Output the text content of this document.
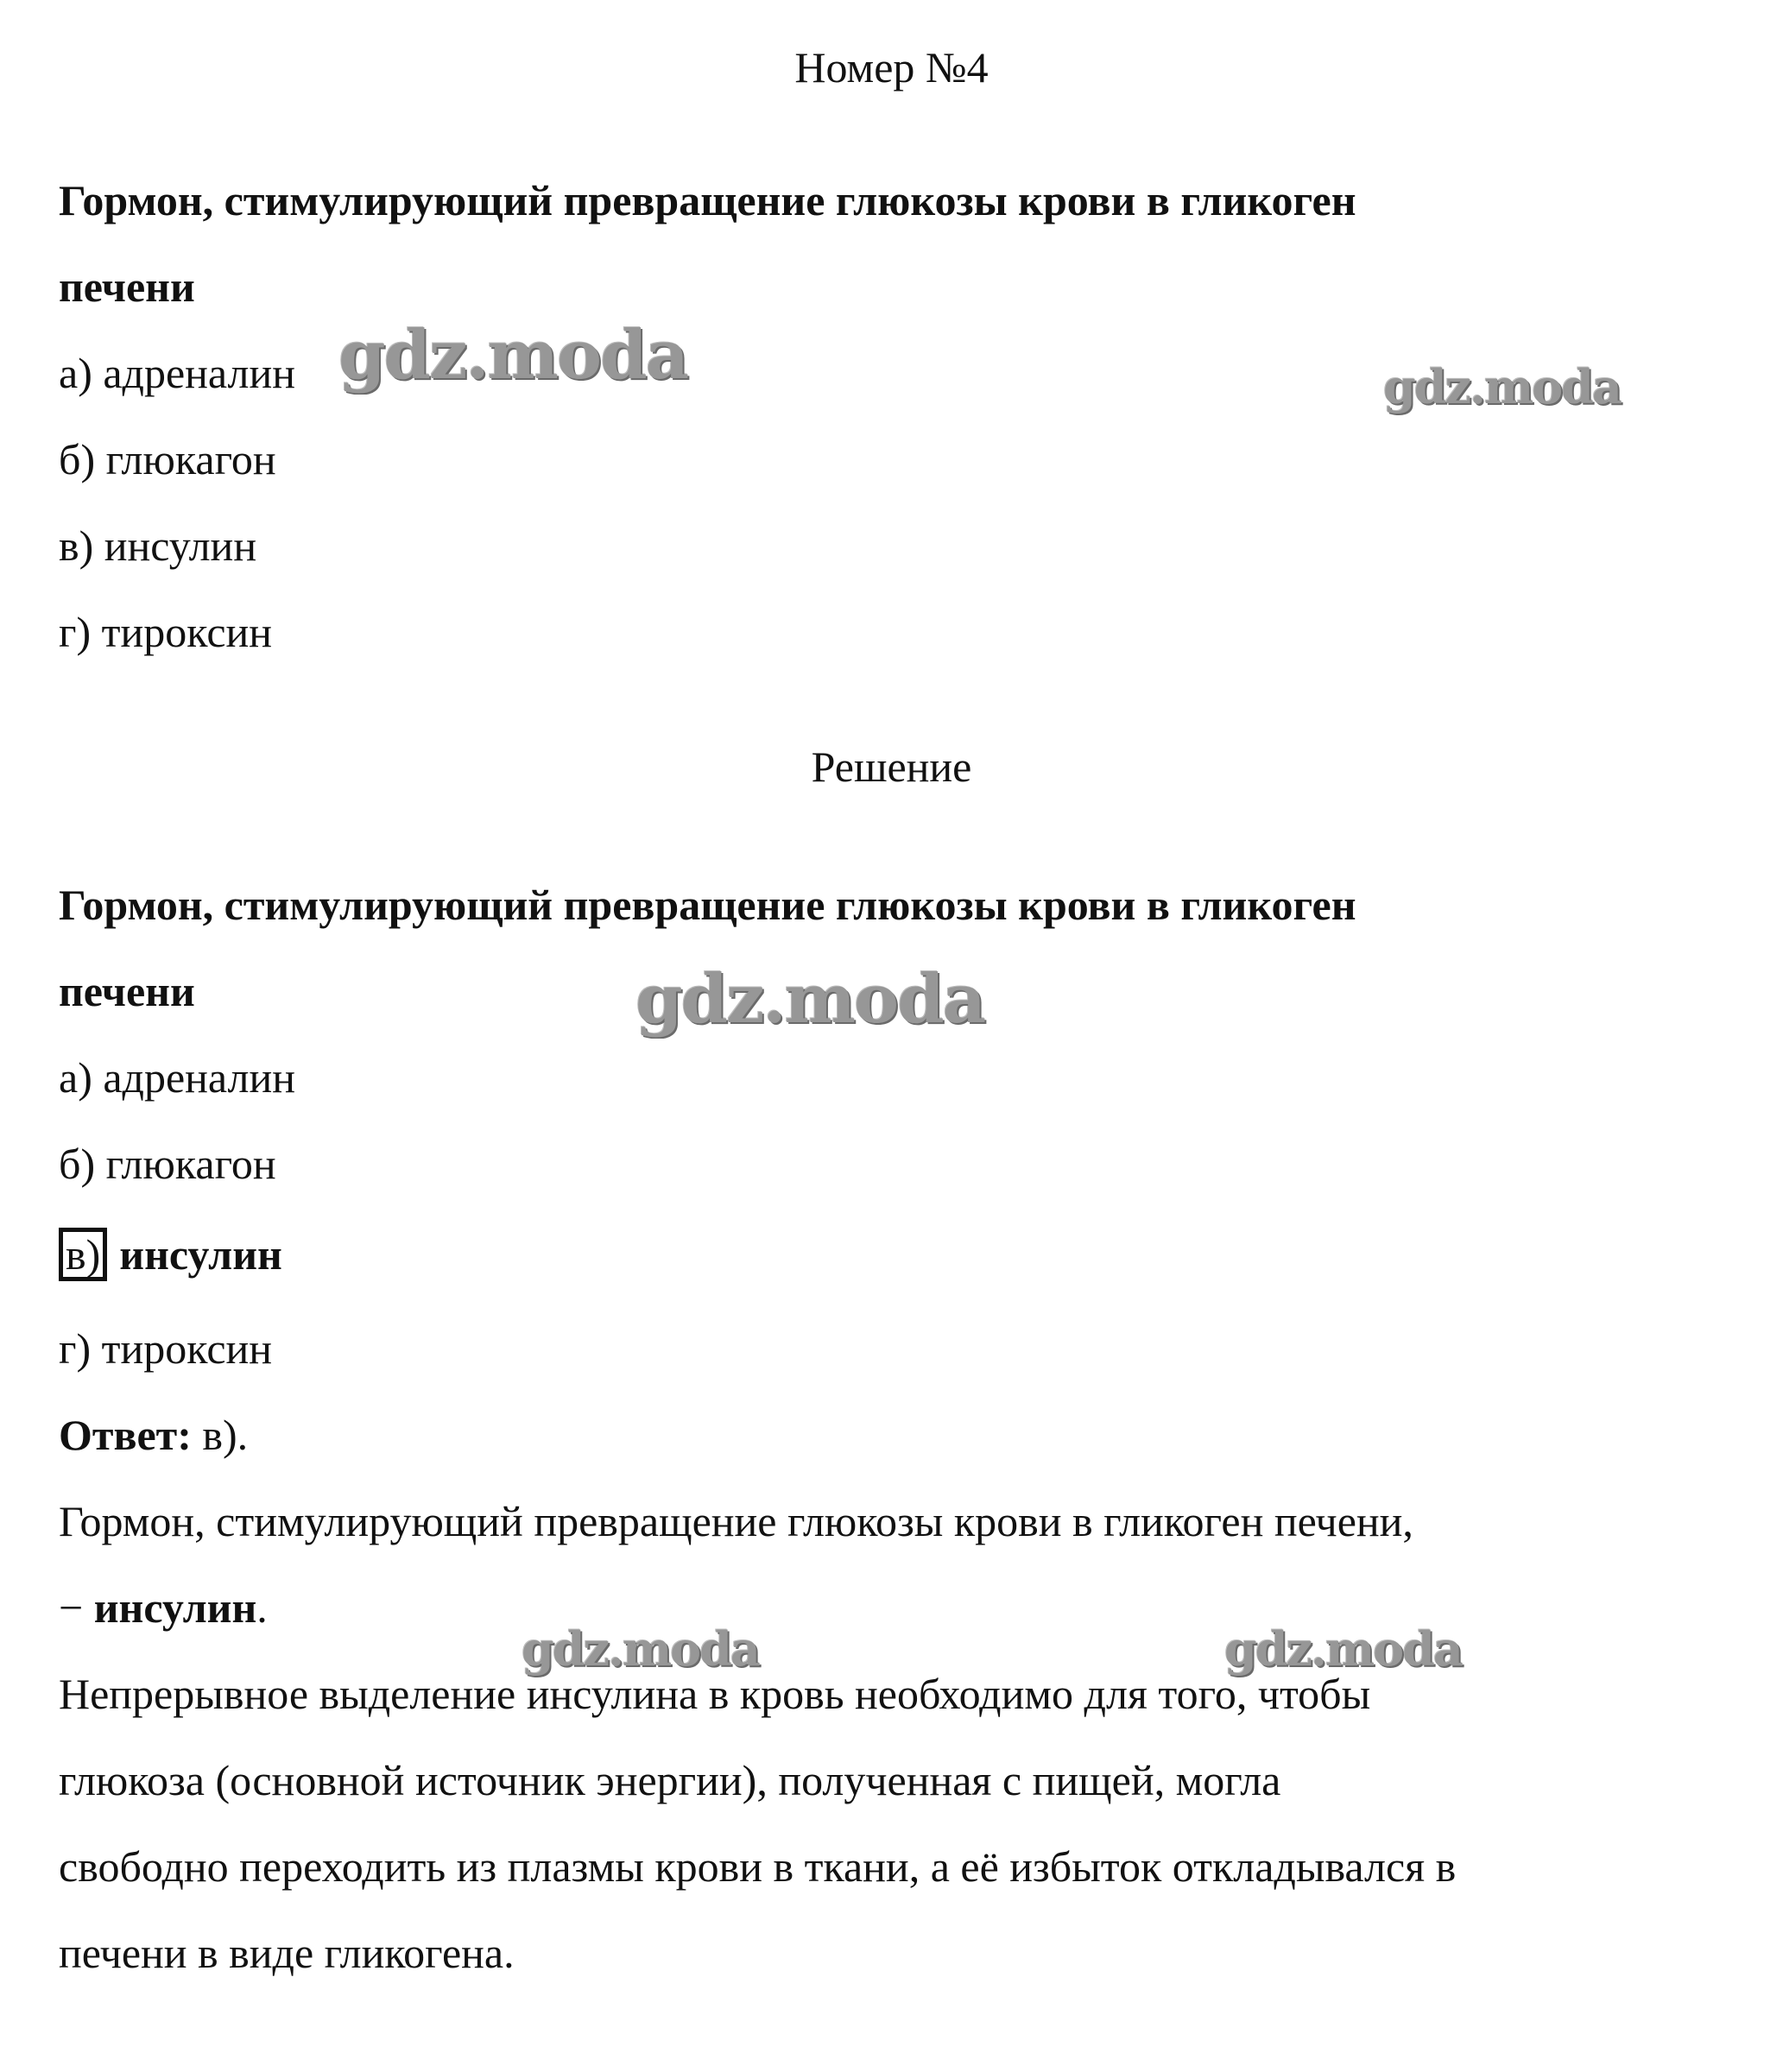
Номер №4
Гормон, стимулирующий превращение глюкозы крови в гликоген
печени
а) адреналин
б) глюкагон
в) инсулин
г) тироксин
Решение
Гормон, стимулирующий превращение глюкозы крови в гликоген
печени
а) адреналин
б) глюкагон
в) инсулин
г) тироксин
Ответ: в).
Гормон, стимулирующий превращение глюкозы крови в гликоген печени,
− инсулин.
Непрерывное выделение инсулина в кровь необходимо для того, чтобы
глюкоза (основной источник энергии), полученная с пищей, могла
свободно переходить из плазмы крови в ткани, а её избыток откладывался в
печени в виде гликогена.
gdz.moda	gdz.moda
gdz.moda
gdz.moda	gdz.moda
